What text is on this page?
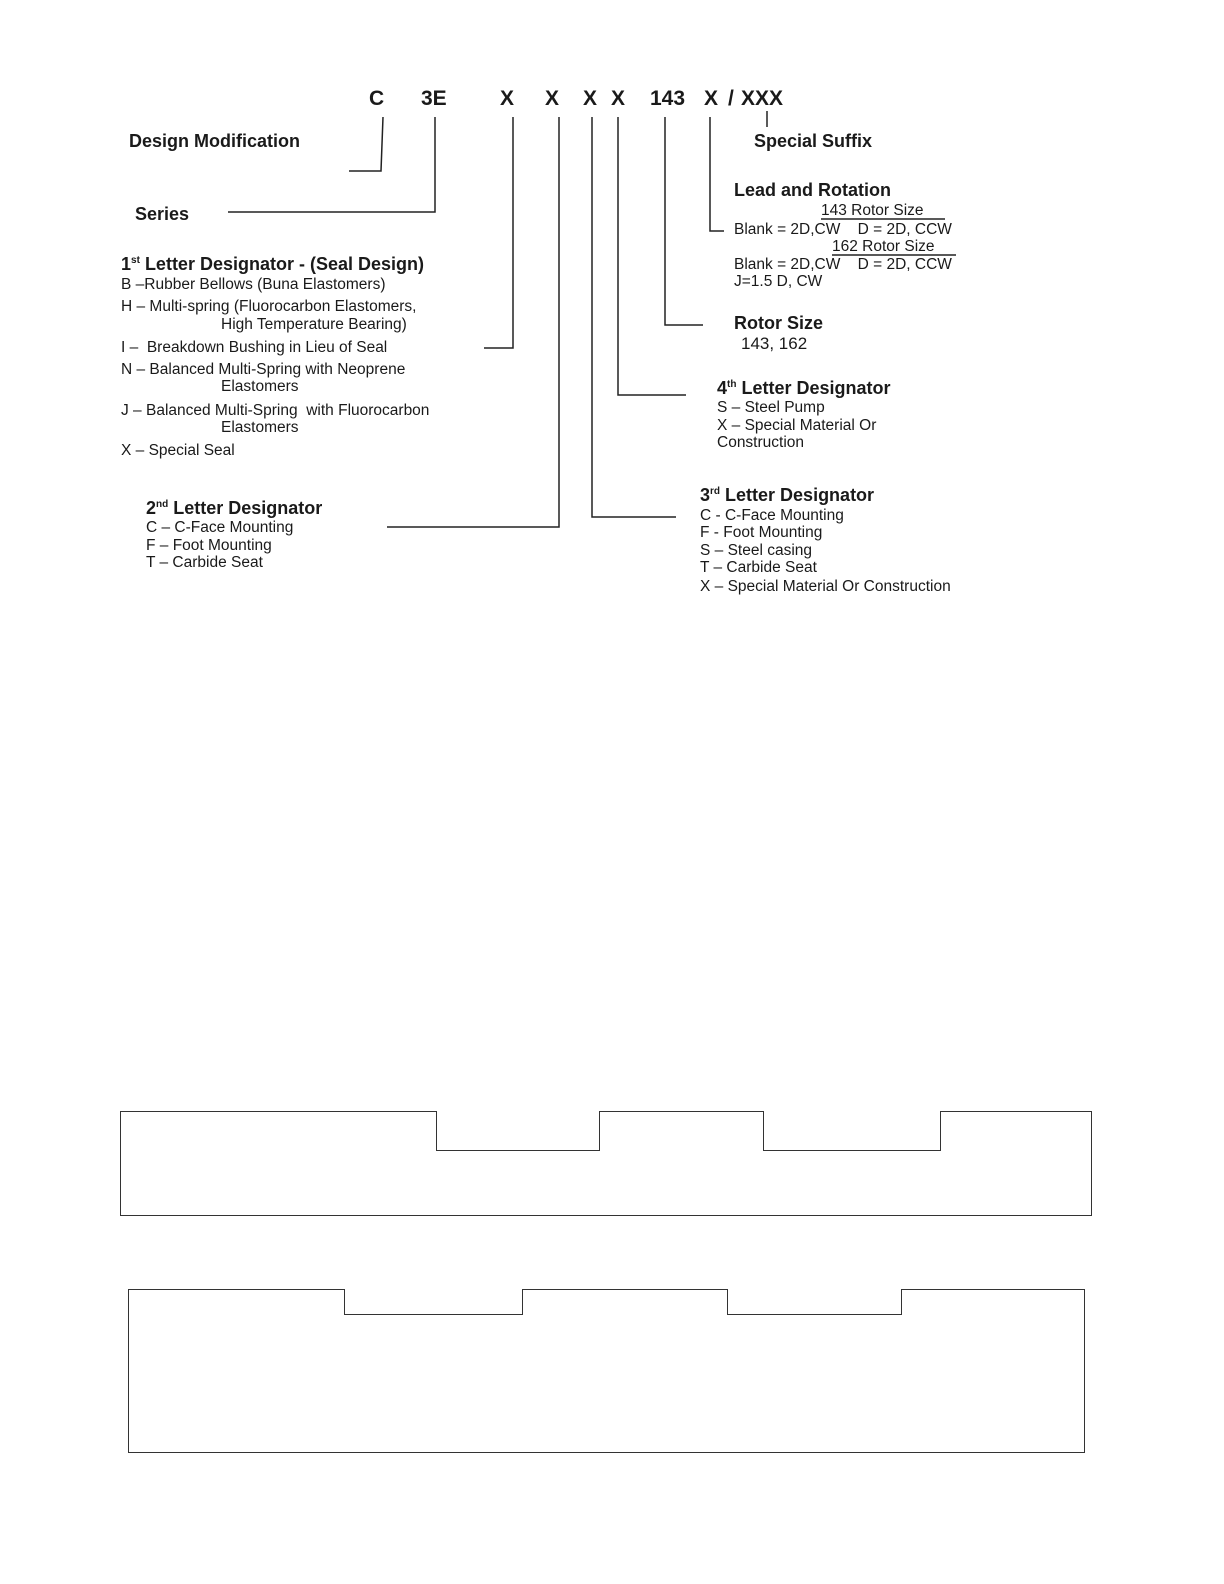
C 3E	X X X X 143 X / XXX
Design Modification
Series
Special Suffix
Lead and Rotation
143 Rotor Size
Blank = 2D,CW    D = 2D, CCW
162 Rotor Size
Blank = 2D,CW    D = 2D, CCW
J=1.5 D, CW
Rotor Size
143, 162
1st Letter Designator - (Seal Design)
B –Rubber Bellows (Buna Elastomers)
H – Multi-spring (Fluorocarbon Elastomers,
High Temperature Bearing)
I –  Breakdown Bushing in Lieu of Seal
N – Balanced Multi-Spring with Neoprene
Elastomers
J – Balanced Multi-Spring  with Fluorocarbon
Elastomers
X – Special Seal
4th Letter Designator
S – Steel Pump
X – Special Material Or
Construction
3rd Letter Designator
C - C-Face Mounting
F - Foot Mounting
S – Steel casing
T – Carbide Seat
X – Special Material Or Construction
2nd Letter Designator
C – C-Face Mounting
F – Foot Mounting
T – Carbide Seat
